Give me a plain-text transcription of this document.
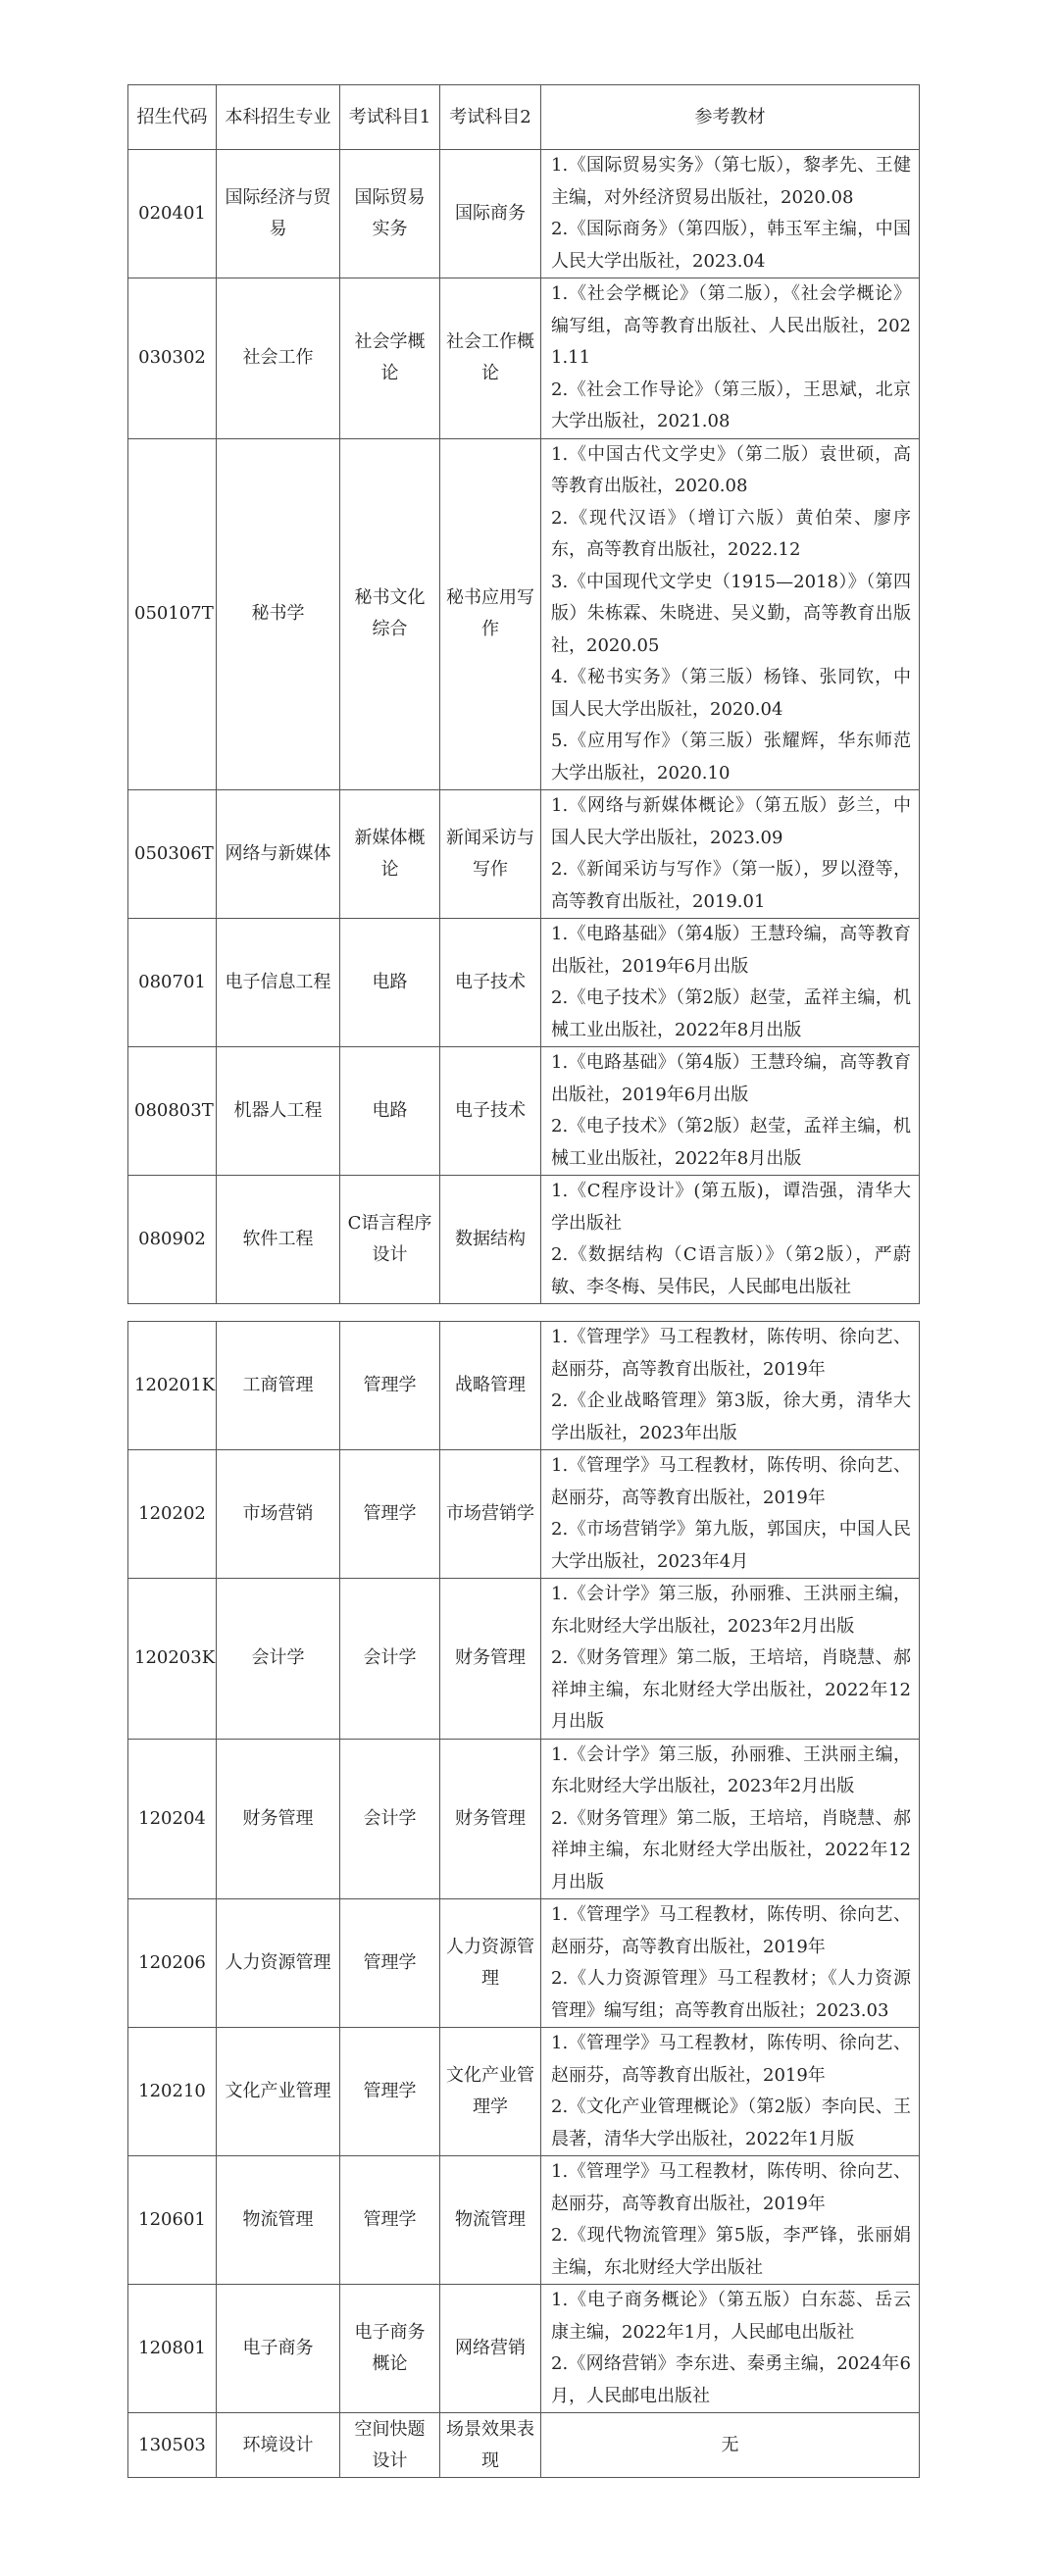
招生代码	本科招生专业	考试科目1	考试科目2	参考教材
020401	国际经济与贸易	国际贸易实务	国际商务	1.《国际贸易实务》（第七版），黎孝先、王健主编，对外经济贸易出版社，2020.08
2.《国际商务》（第四版），韩玉军主编，中国人民大学出版社，2023.04

030302	社会工作	社会学概论	社会工作概论	1.《社会学概论》（第二版），《社会学概论》编写组，高等教育出版社、人民出版社，2021.11
2.《社会工作导论》（第三版），王思斌，北京大学出版社，2021.08

050107T	秘书学	秘书文化综合	秘书应用写作	1.《中国古代文学史》（第二版）袁世硕，高等教育出版社，2020.08
2.《现代汉语》（增订六版）黄伯荣、廖序东，高等教育出版社，2022.12
3.《中国现代文学史（1915—2018）》（第四版）朱栋霖、朱晓进、吴义勤，高等教育出版社，2020.05
4.《秘书实务》（第三版）杨锋、张同钦，中国人民大学出版社，2020.04
5.《应用写作》（第三版）张耀辉，华东师范大学出版社，2020.10

050306T	网络与新媒体	新媒体概论	新闻采访与写作	1.《网络与新媒体概论》（第五版）彭兰，中国人民大学出版社，2023.09
2.《新闻采访与写作》（第一版），罗以澄等，高等教育出版社，2019.01

080701	电子信息工程	电路	电子技术	1.《电路基础》（第4版）王慧玲编，高等教育出版社，2019年6月出版
2.《电子技术》（第2版）赵莹，孟祥主编，机械工业出版社，2022年8月出版

080803T	机器人工程	电路	电子技术	1.《电路基础》（第4版）王慧玲编，高等教育出版社，2019年6月出版
2.《电子技术》（第2版）赵莹，孟祥主编，机械工业出版社，2022年8月出版

080902	软件工程	C语言程序设计	数据结构	1.《C程序设计》(第五版)，谭浩强，清华大学出版社
2.《数据结构（C语言版）》（第2版），严蔚敏、李冬梅、吴伟民，人民邮电出版社
120201K	工商管理	管理学	战略管理	1.《管理学》马工程教材，陈传明、徐向艺、赵丽芬，高等教育出版社，2019年
2.《企业战略管理》第3版，徐大勇，清华大学出版社，2023年出版

120202	市场营销	管理学	市场营销学	1.《管理学》马工程教材，陈传明、徐向艺、赵丽芬，高等教育出版社，2019年
2.《市场营销学》第九版，郭国庆，中国人民大学出版社，2023年4月

120203K	会计学	会计学	财务管理	1.《会计学》第三版，孙丽雅、王洪丽主编，东北财经大学出版社，2023年2月出版
2.《财务管理》第二版，王培培，肖晓慧、郝祥坤主编，东北财经大学出版社，2022年12月出版

120204	财务管理	会计学	财务管理	1.《会计学》第三版，孙丽雅、王洪丽主编，东北财经大学出版社，2023年2月出版
2.《财务管理》第二版，王培培，肖晓慧、郝祥坤主编，东北财经大学出版社，2022年12月出版

120206	人力资源管理	管理学	人力资源管理	1.《管理学》马工程教材，陈传明、徐向艺、赵丽芬，高等教育出版社，2019年
2.《人力资源管理》马工程教材；《人力资源管理》编写组；高等教育出版社；2023.03

120210	文化产业管理	管理学	文化产业管理学	1.《管理学》马工程教材，陈传明、徐向艺、赵丽芬，高等教育出版社，2019年
2.《文化产业管理概论》（第2版）李向民、王晨著，清华大学出版社，2022年1月版

120601	物流管理	管理学	物流管理	1.《管理学》马工程教材，陈传明、徐向艺、赵丽芬，高等教育出版社，2019年
2.《现代物流管理》第5版，李严锋，张丽娟主编，东北财经大学出版社

120801	电子商务	电子商务概论	网络营销	1.《电子商务概论》（第五版）白东蕊、岳云康主编，2022年1月，人民邮电出版社
2.《网络营销》李东进、秦勇主编，2024年6月，人民邮电出版社

130503	环境设计	空间快题设计	场景效果表现	无
